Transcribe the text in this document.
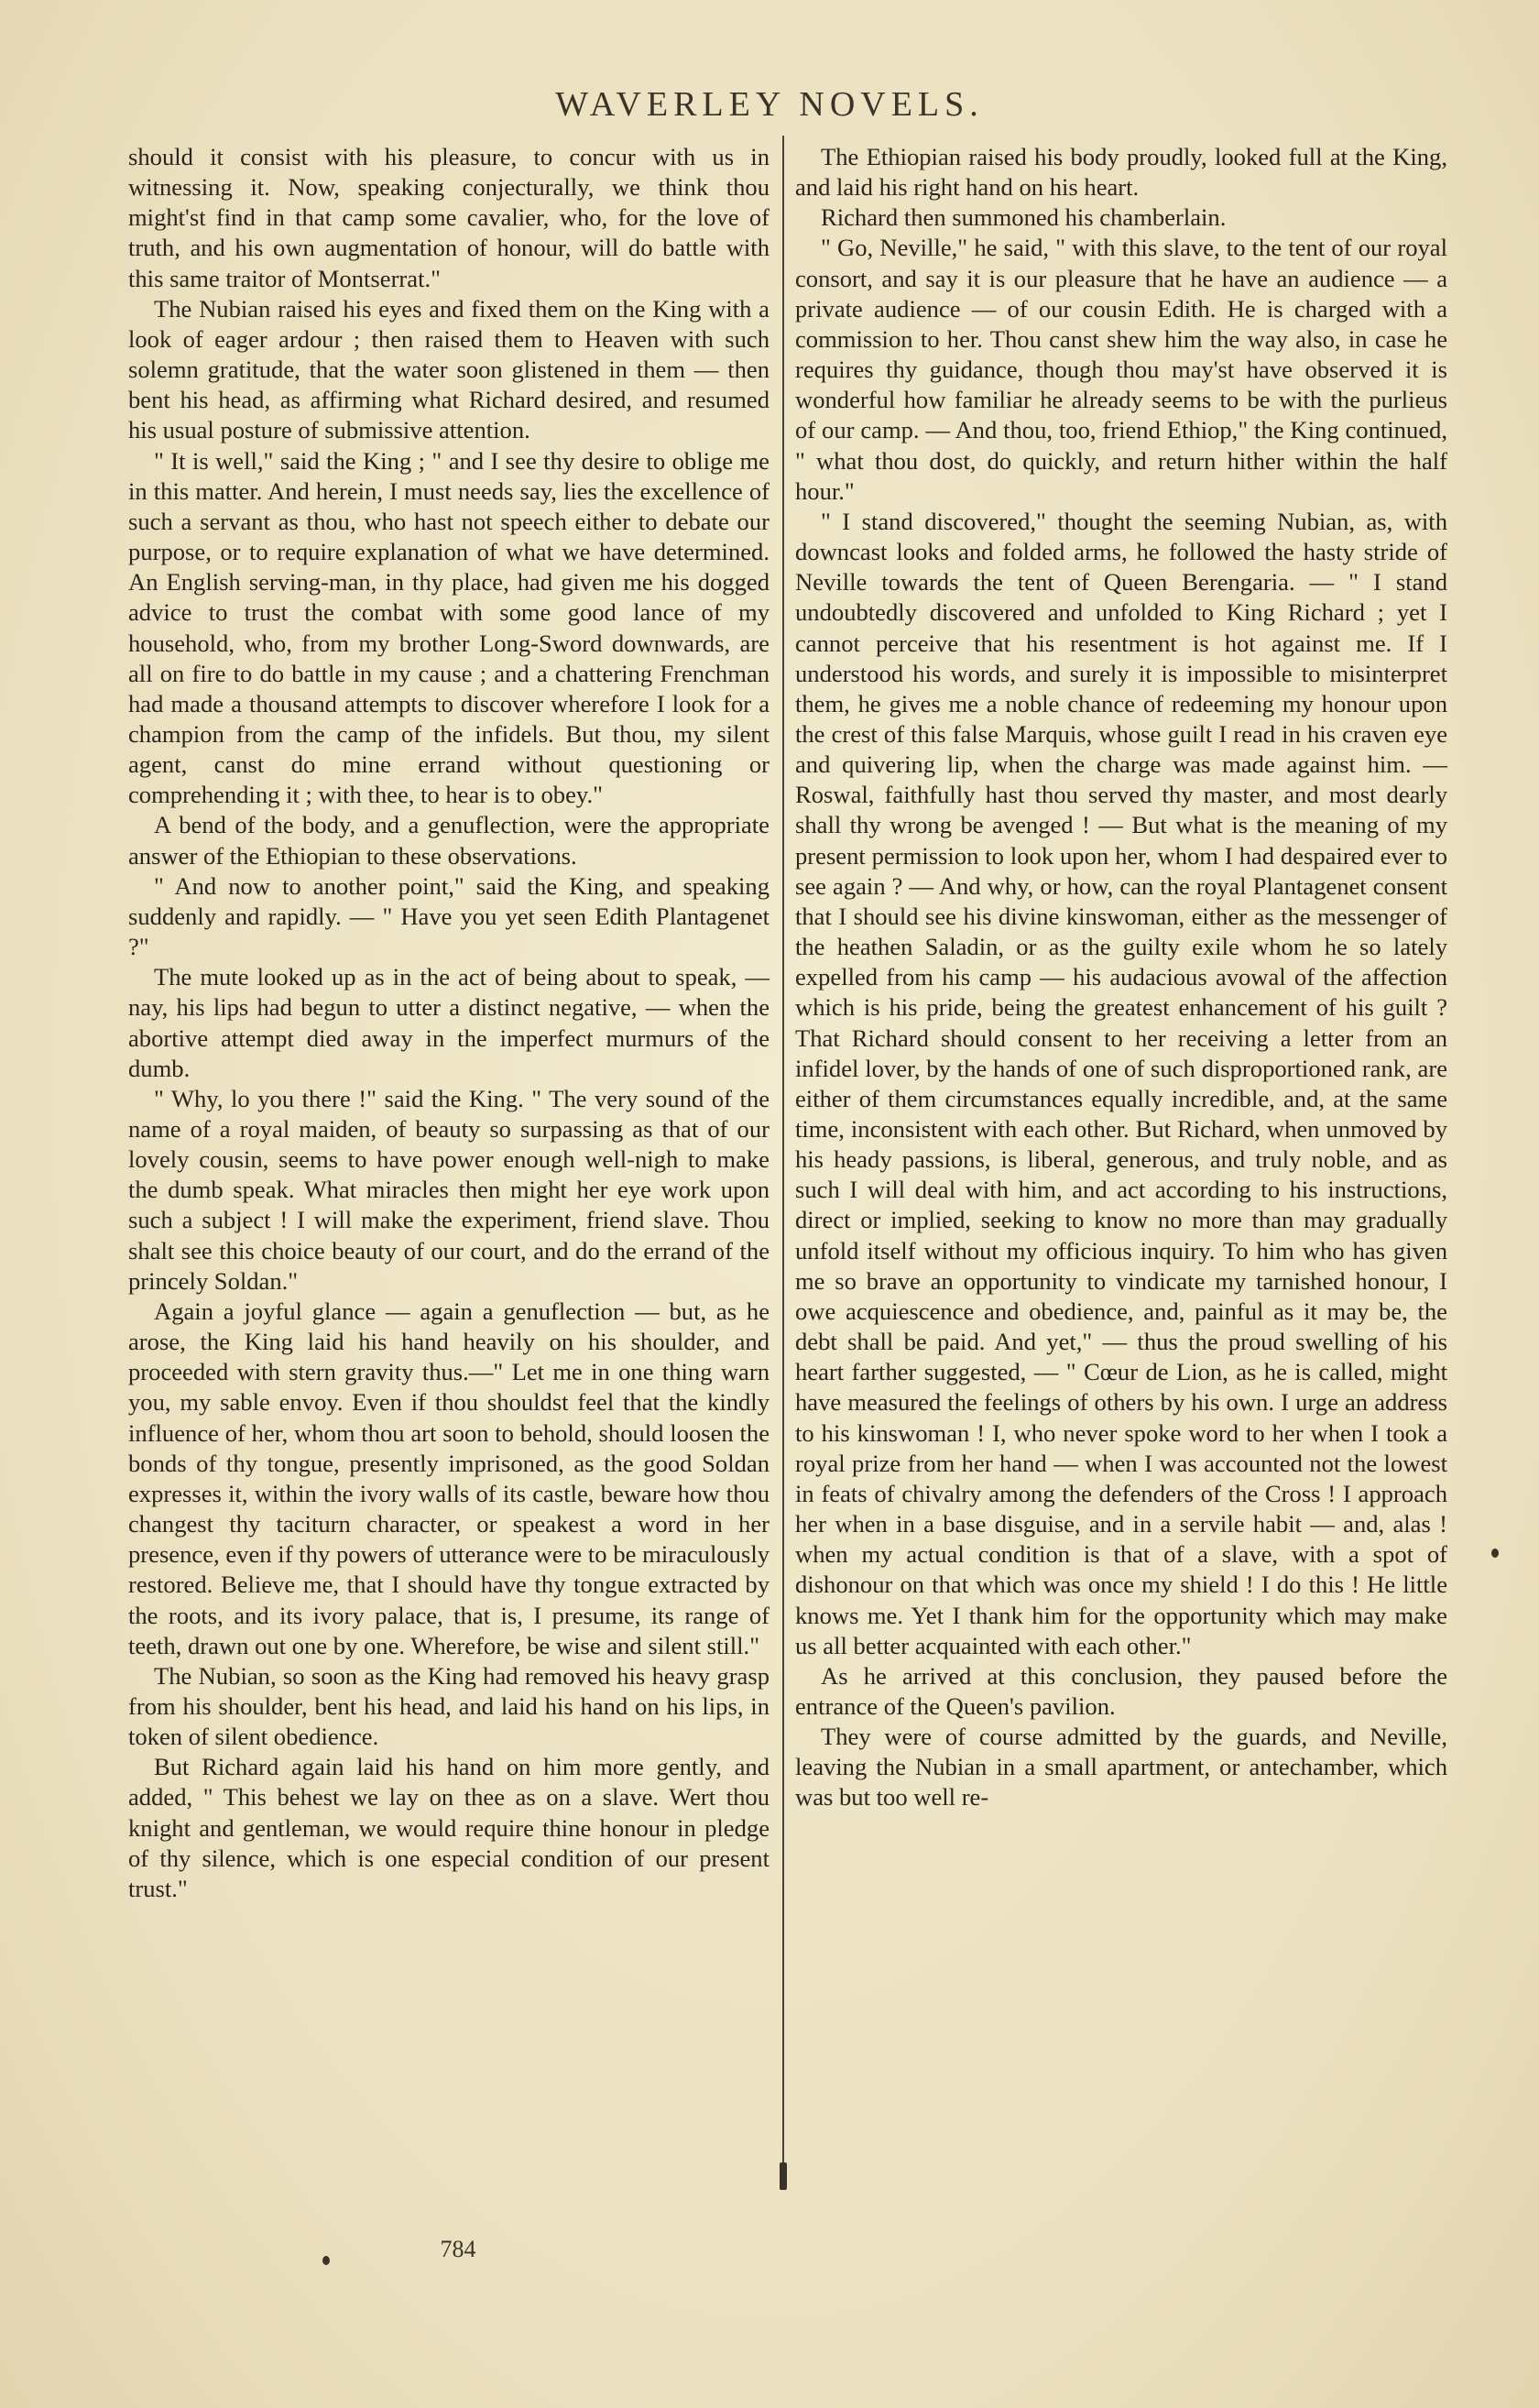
WAVERLEY NOVELS.

should it consist with his pleasure, to concur with us in witnessing it. Now, speaking conjecturally, we think thou might'st find in that camp some cavalier, who, for the love of truth, and his own augmentation of honour, will do battle with this same traitor of Montserrat."

The Nubian raised his eyes and fixed them on the King with a look of eager ardour ; then raised them to Heaven with such solemn gratitude, that the water soon glistened in them — then bent his head, as affirming what Richard desired, and resumed his usual posture of submissive attention.

" It is well," said the King ; " and I see thy desire to oblige me in this matter. And herein, I must needs say, lies the excellence of such a servant as thou, who hast not speech either to debate our purpose, or to require explanation of what we have determined. An English serving-man, in thy place, had given me his dogged advice to trust the combat with some good lance of my household, who, from my brother Long-Sword downwards, are all on fire to do battle in my cause ; and a chattering Frenchman had made a thousand attempts to discover wherefore I look for a champion from the camp of the infidels. But thou, my silent agent, canst do mine errand without questioning or comprehending it ; with thee, to hear is to obey."

A bend of the body, and a genuflection, were the appropriate answer of the Ethiopian to these observations.

" And now to another point," said the King, and speaking suddenly and rapidly. — " Have you yet seen Edith Plantagenet ?"

The mute looked up as in the act of being about to speak, — nay, his lips had begun to utter a distinct negative, — when the abortive attempt died away in the imperfect murmurs of the dumb.

" Why, lo you there !" said the King. " The very sound of the name of a royal maiden, of beauty so surpassing as that of our lovely cousin, seems to have power enough well-nigh to make the dumb speak. What miracles then might her eye work upon such a subject ! I will make the experiment, friend slave. Thou shalt see this choice beauty of our court, and do the errand of the princely Soldan."

Again a joyful glance — again a genuflection — but, as he arose, the King laid his hand heavily on his shoulder, and proceeded with stern gravity thus.—" Let me in one thing warn you, my sable envoy. Even if thou shouldst feel that the kindly influence of her, whom thou art soon to behold, should loosen the bonds of thy tongue, presently imprisoned, as the good Soldan expresses it, within the ivory walls of its castle, beware how thou changest thy taciturn character, or speakest a word in her presence, even if thy powers of utterance were to be miraculously restored. Believe me, that I should have thy tongue extracted by the roots, and its ivory palace, that is, I presume, its range of teeth, drawn out one by one. Wherefore, be wise and silent still."

The Nubian, so soon as the King had removed his heavy grasp from his shoulder, bent his head, and laid his hand on his lips, in token of silent obedience.

But Richard again laid his hand on him more gently, and added, " This behest we lay on thee as on a slave. Wert thou knight and gentleman, we would require thine honour in pledge of thy silence, which is one especial condition of our present trust."

The Ethiopian raised his body proudly, looked full at the King, and laid his right hand on his heart.

Richard then summoned his chamberlain.

" Go, Neville," he said, " with this slave, to the tent of our royal consort, and say it is our pleasure that he have an audience — a private audience — of our cousin Edith. He is charged with a commission to her. Thou canst shew him the way also, in case he requires thy guidance, though thou may'st have observed it is wonderful how familiar he already seems to be with the purlieus of our camp. — And thou, too, friend Ethiop," the King continued, " what thou dost, do quickly, and return hither within the half hour."

" I stand discovered," thought the seeming Nubian, as, with downcast looks and folded arms, he followed the hasty stride of Neville towards the tent of Queen Berengaria. — " I stand undoubtedly discovered and unfolded to King Richard ; yet I cannot perceive that his resentment is hot against me. If I understood his words, and surely it is impossible to misinterpret them, he gives me a noble chance of redeeming my honour upon the crest of this false Marquis, whose guilt I read in his craven eye and quivering lip, when the charge was made against him. — Roswal, faithfully hast thou served thy master, and most dearly shall thy wrong be avenged ! — But what is the meaning of my present permission to look upon her, whom I had despaired ever to see again ? — And why, or how, can the royal Plantagenet consent that I should see his divine kinswoman, either as the messenger of the heathen Saladin, or as the guilty exile whom he so lately expelled from his camp — his audacious avowal of the affection which is his pride, being the greatest enhancement of his guilt ? That Richard should consent to her receiving a letter from an infidel lover, by the hands of one of such disproportioned rank, are either of them circumstances equally incredible, and, at the same time, inconsistent with each other. But Richard, when unmoved by his heady passions, is liberal, generous, and truly noble, and as such I will deal with him, and act according to his instructions, direct or implied, seeking to know no more than may gradually unfold itself without my officious inquiry. To him who has given me so brave an opportunity to vindicate my tarnished honour, I owe acquiescence and obedience, and, painful as it may be, the debt shall be paid. And yet," — thus the proud swelling of his heart farther suggested, — " Cœur de Lion, as he is called, might have measured the feelings of others by his own. I urge an address to his kinswoman ! I, who never spoke word to her when I took a royal prize from her hand — when I was accounted not the lowest in feats of chivalry among the defenders of the Cross ! I approach her when in a base disguise, and in a servile habit — and, alas ! when my actual condition is that of a slave, with a spot of dishonour on that which was once my shield ! I do this ! He little knows me. Yet I thank him for the opportunity which may make us all better acquainted with each other."

As he arrived at this conclusion, they paused before the entrance of the Queen's pavilion.

They were of course admitted by the guards, and Neville, leaving the Nubian in a small apartment, or antechamber, which was but too well re-

784
